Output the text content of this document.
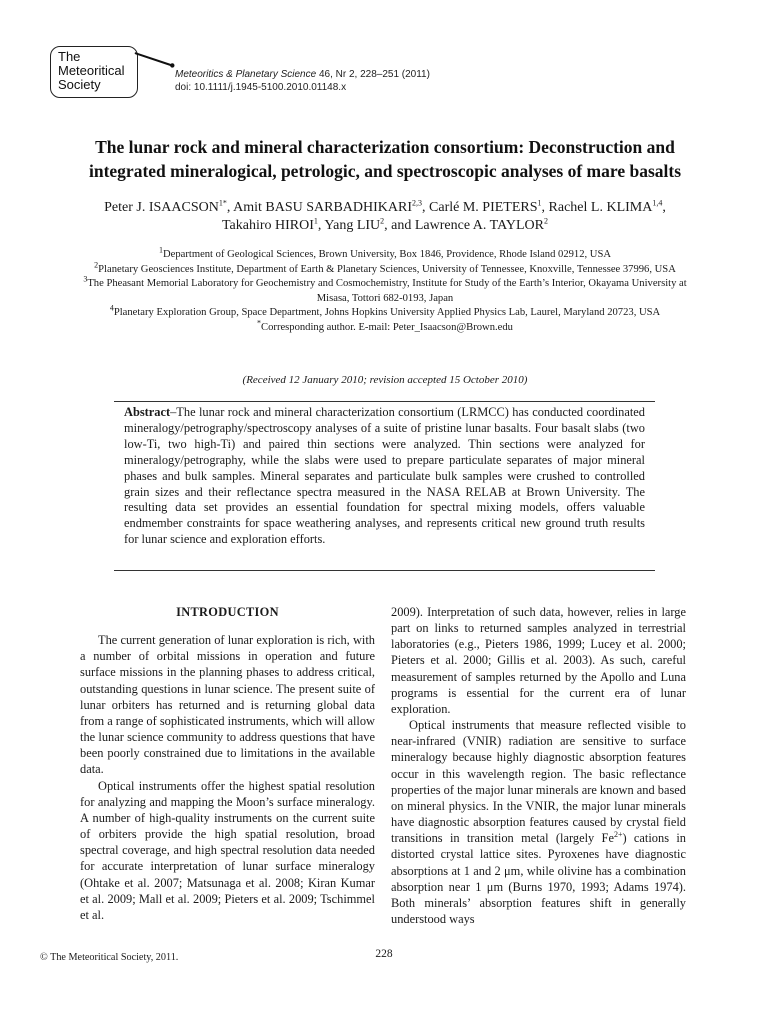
The
Meteoritical
Society
Meteoritics & Planetary Science 46, Nr 2, 228–251 (2011)
doi: 10.1111/j.1945-5100.2010.01148.x
The lunar rock and mineral characterization consortium: Deconstruction and integrated mineralogical, petrologic, and spectroscopic analyses of mare basalts
Peter J. $ISAACSON^{1*}$, Amit BASU SARBADHIKARI$^{2,3}$, Carlé M. PIETERS$^1$, Rachel L. KLIMA$^{1,4}$,
Takahiro HIROI$^1$, Yang LIU$^2$, and Lawrence A. TAYLOR$^2$
$^1$Department of Geological Sciences, Brown University, Box 1846, Providence, Rhode Island 02912, USA
$^2$Planetary Geosciences Institute, Department of Earth & Planetary Sciences, University of Tennessee, Knoxville, Tennessee 37996, USA
$^3$The Pheasant Memorial Laboratory for Geochemistry and Cosmochemistry, Institute for Study of the Earth’s Interior, Okayama University at Misasa, Tottori 682-0193, Japan
$^4$Planetary Exploration Group, Space Department, Johns Hopkins University Applied Physics Lab, Laurel, Maryland 20723, USA
*Corresponding author. E-mail: Peter_Isaacson@Brown.edu
(Received 12 January 2010; revision accepted 15 October 2010)
Abstract–The lunar rock and mineral characterization consortium (LRMCC) has conducted coordinated mineralogy/petrography/spectroscopy analyses of a suite of pristine lunar basalts. Four basalt slabs (two low-Ti, two high-Ti) and paired thin sections were analyzed. Thin sections were analyzed for mineralogy/petrography, while the slabs were used to prepare particulate separates of major mineral phases and bulk samples. Mineral separates and particulate bulk samples were crushed to controlled grain sizes and their reflectance spectra measured in the NASA RELAB at Brown University. The resulting data set provides an essential foundation for spectral mixing models, offers valuable endmember constraints for space weathering analyses, and represents critical new ground truth results for lunar science and exploration efforts.
INTRODUCTION

The current generation of lunar exploration is rich, with a number of orbital missions in operation and future surface missions in the planning phases to address critical, outstanding questions in lunar science. The present suite of lunar orbiters has returned and is returning global data from a range of sophisticated instruments, which will allow the lunar science community to address questions that have been poorly constrained due to limitations in the available data.

Optical instruments offer the highest spatial resolution for analyzing and mapping the Moon’s surface mineralogy. A number of high-quality instruments on the current suite of orbiters provide the high spatial resolution, broad spectral coverage, and high spectral resolution data needed for accurate interpretation of lunar surface mineralogy (Ohtake et al. 2007; Matsunaga et al. 2008; Kiran Kumar et al. 2009; Mall et al. 2009; Pieters et al. 2009; Tschimmel et al.

2009). Interpretation of such data, however, relies in large part on links to returned samples analyzed in terrestrial laboratories (e.g., Pieters 1986, 1999; Lucey et al. 2000; Pieters et al. 2000; Gillis et al. 2003). As such, careful measurement of samples returned by the Apollo and Luna programs is essential for the current era of lunar exploration.

Optical instruments that measure reflected visible to near-infrared (VNIR) radiation are sensitive to surface mineralogy because highly diagnostic absorption features occur in this wavelength region. The basic reflectance properties of the major lunar minerals are known and based on mineral physics. In the VNIR, the major lunar minerals have diagnostic absorption features caused by crystal field transitions in transition metal (largely $Fe^{2+}$) cations in distorted crystal lattice sites. Pyroxenes have diagnostic absorptions at 1 and 2 μm, while olivine has a combination absorption near 1 μm (Burns 1970, 1993; Adams 1974). Both minerals’ absorption features shift in generally understood ways

© The Meteoritical Society, 2011.	228
